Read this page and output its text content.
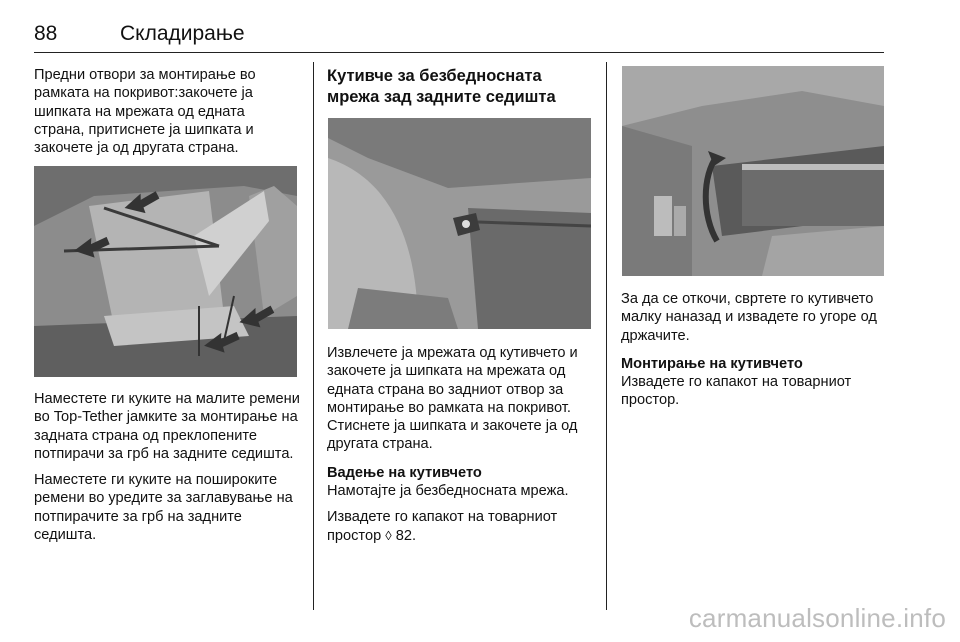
88	Складирање

Предни отвори за монтирање во рамката на покривот:закочете ја шипката на мрежата од едната страна, притиснете ја шипката и закочете ја од другата страна.

Наместете ги куките на малите ремени во Top-Tether јамките за монтирање на задната страна од преклопените потпирачи за грб на задните седишта.

Наместете ги куките на пошироките ремени во уредите за заглавување на потпирачите за грб на задните седишта.

Кутивче за безбедносната мрежа зад задните седишта

Извлечете ја мрежата од кутивчето и закочете ја шипката на мрежата од едната страна во задниот отвор за монтирање во рамката на покривот. Стиснете ја шипката и закочете ја од другата страна.

Вадење на кутивчето

Намотајте ја безбедносната мрежа.

Извадете го капакот на товарниот простор ◊ 82.

За да се откочи, свртете го кутивчето малку наназад и извадете го угоре од држачите.

Монтирање на кутивчето

Извадете го капакот на товарниот простор.

carmanualsonline.info
